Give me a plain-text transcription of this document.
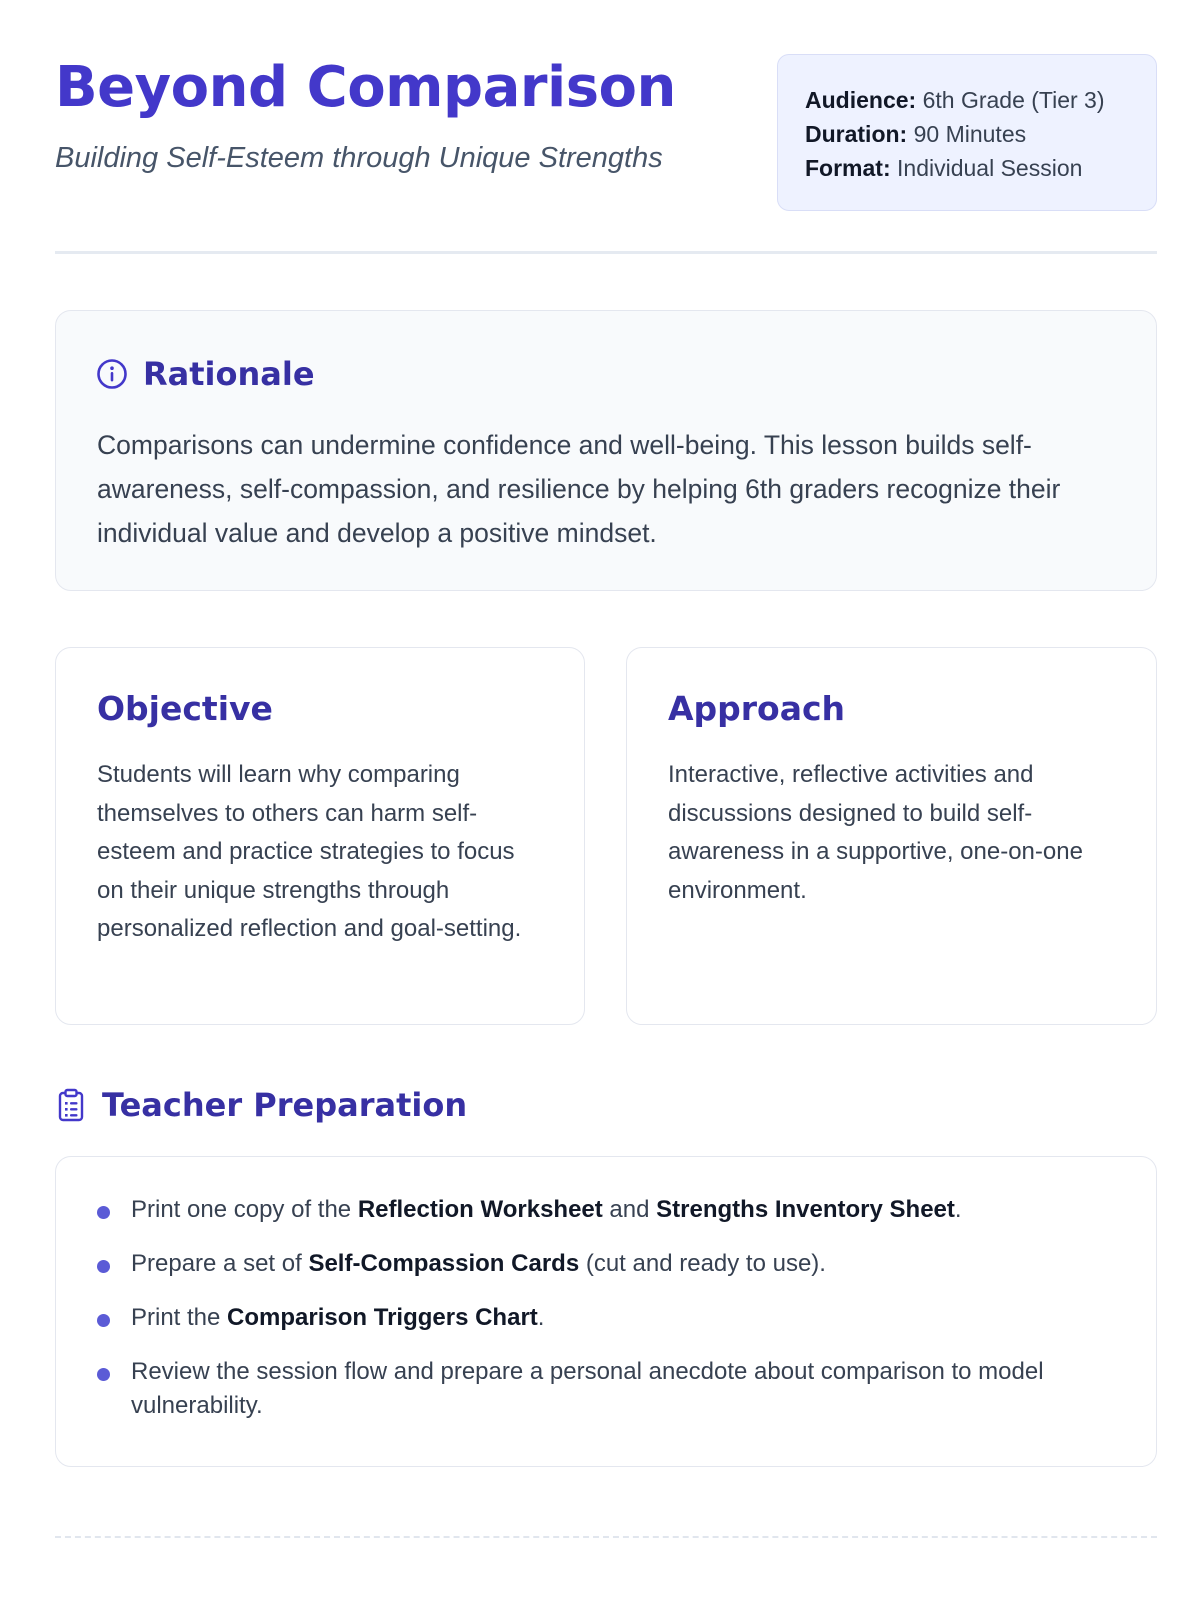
Beyond Comparison
Building Self-Esteem through Unique Strengths
Audience: 6th Grade (Tier 3)
Duration: 90 Minutes
Format: Individual Session
Rationale

Comparisons can undermine confidence and well-being. This lesson builds self-awareness, self-compassion, and resilience by helping 6th graders recognize their individual value and develop a positive mindset.

Objective

Students will learn why comparing themselves to others can harm self-esteem and practice strategies to focus on their unique strengths through personalized reflection and goal-setting.

Approach

Interactive, reflective activities and discussions designed to build self-awareness in a supportive, one-on-one environment.

Teacher Preparation
Print one copy of the Reflection Worksheet and Strengths Inventory Sheet.
Prepare a set of Self-Compassion Cards (cut and ready to use).
Print the Comparison Triggers Chart.
Review the session flow and prepare a personal anecdote about comparison to model vulnerability.
